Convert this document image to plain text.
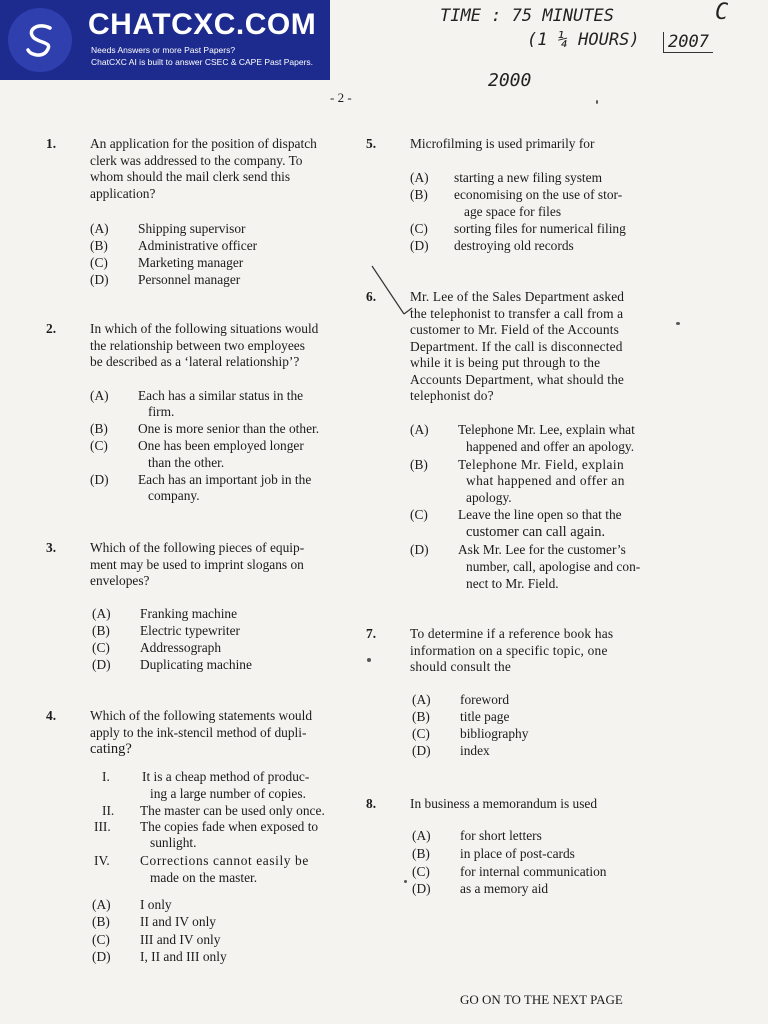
CHATCXC.COM
Needs Answers or more Past Papers?
ChatCXC AI is built to answer CSEC & CAPE Past Papers.
TIME : 75 MINUTES	C
(1 ¼ HOURS) 2007
2000
- 2 -
1.	An application for the position of dispatch
clerk was addressed to the company. To
whom should the mail clerk send this
application?
(A) Shipping supervisor
(B) Administrative officer
(C) Marketing manager
(D) Personnel manager
2.	In which of the following situations would
the relationship between two employees
be described as a ‘lateral relationship’?
(A) Each has a similar status in the
firm.
(B) One is more senior than the other.
(C) One has been employed longer
than the other.
(D) Each has an important job in the
company.
3.	Which of the following pieces of equip-
ment may be used to imprint slogans on
envelopes?
(A) Franking machine
(B) Electric typewriter
(C) Addressograph
(D) Duplicating machine
4.	Which of the following statements would
apply to the ink-stencil method of dupli-
cating?
I. It is a cheap method of produc-
ing a large number of copies.
II. The master can be used only once.
III. The copies fade when exposed to
sunlight.
IV. Corrections cannot easily be
made on the master.
(A) I only
(B) II and IV only
(C) III and IV only
(D) I, II and III only
5.	Microfilming is used primarily for
(A) starting a new filing system
(B) economising on the use of stor-
age space for files
(C) sorting files for numerical filing
(D) destroying old records
6.	Mr. Lee of the Sales Department asked
the telephonist to transfer a call from a
customer to Mr. Field of the Accounts
Department. If the call is disconnected
while it is being put through to the
Accounts Department, what should the
telephonist do?
(A) Telephone Mr. Lee, explain what
happened and offer an apology.
(B) Telephone Mr. Field, explain
what happened and offer an
apology.
(C) Leave the line open so that the
customer can call again.
(D) Ask Mr. Lee for the customer’s
number, call, apologise and con-
nect to Mr. Field.
7.	To determine if a reference book has
information on a specific topic, one
should consult the
(A) foreword
(B) title page
(C) bibliography
(D) index
8.	In business a memorandum is used
(A) for short letters
(B) in place of post-cards
(C) for internal communication
(D) as a memory aid
GO ON TO THE NEXT PAGE
